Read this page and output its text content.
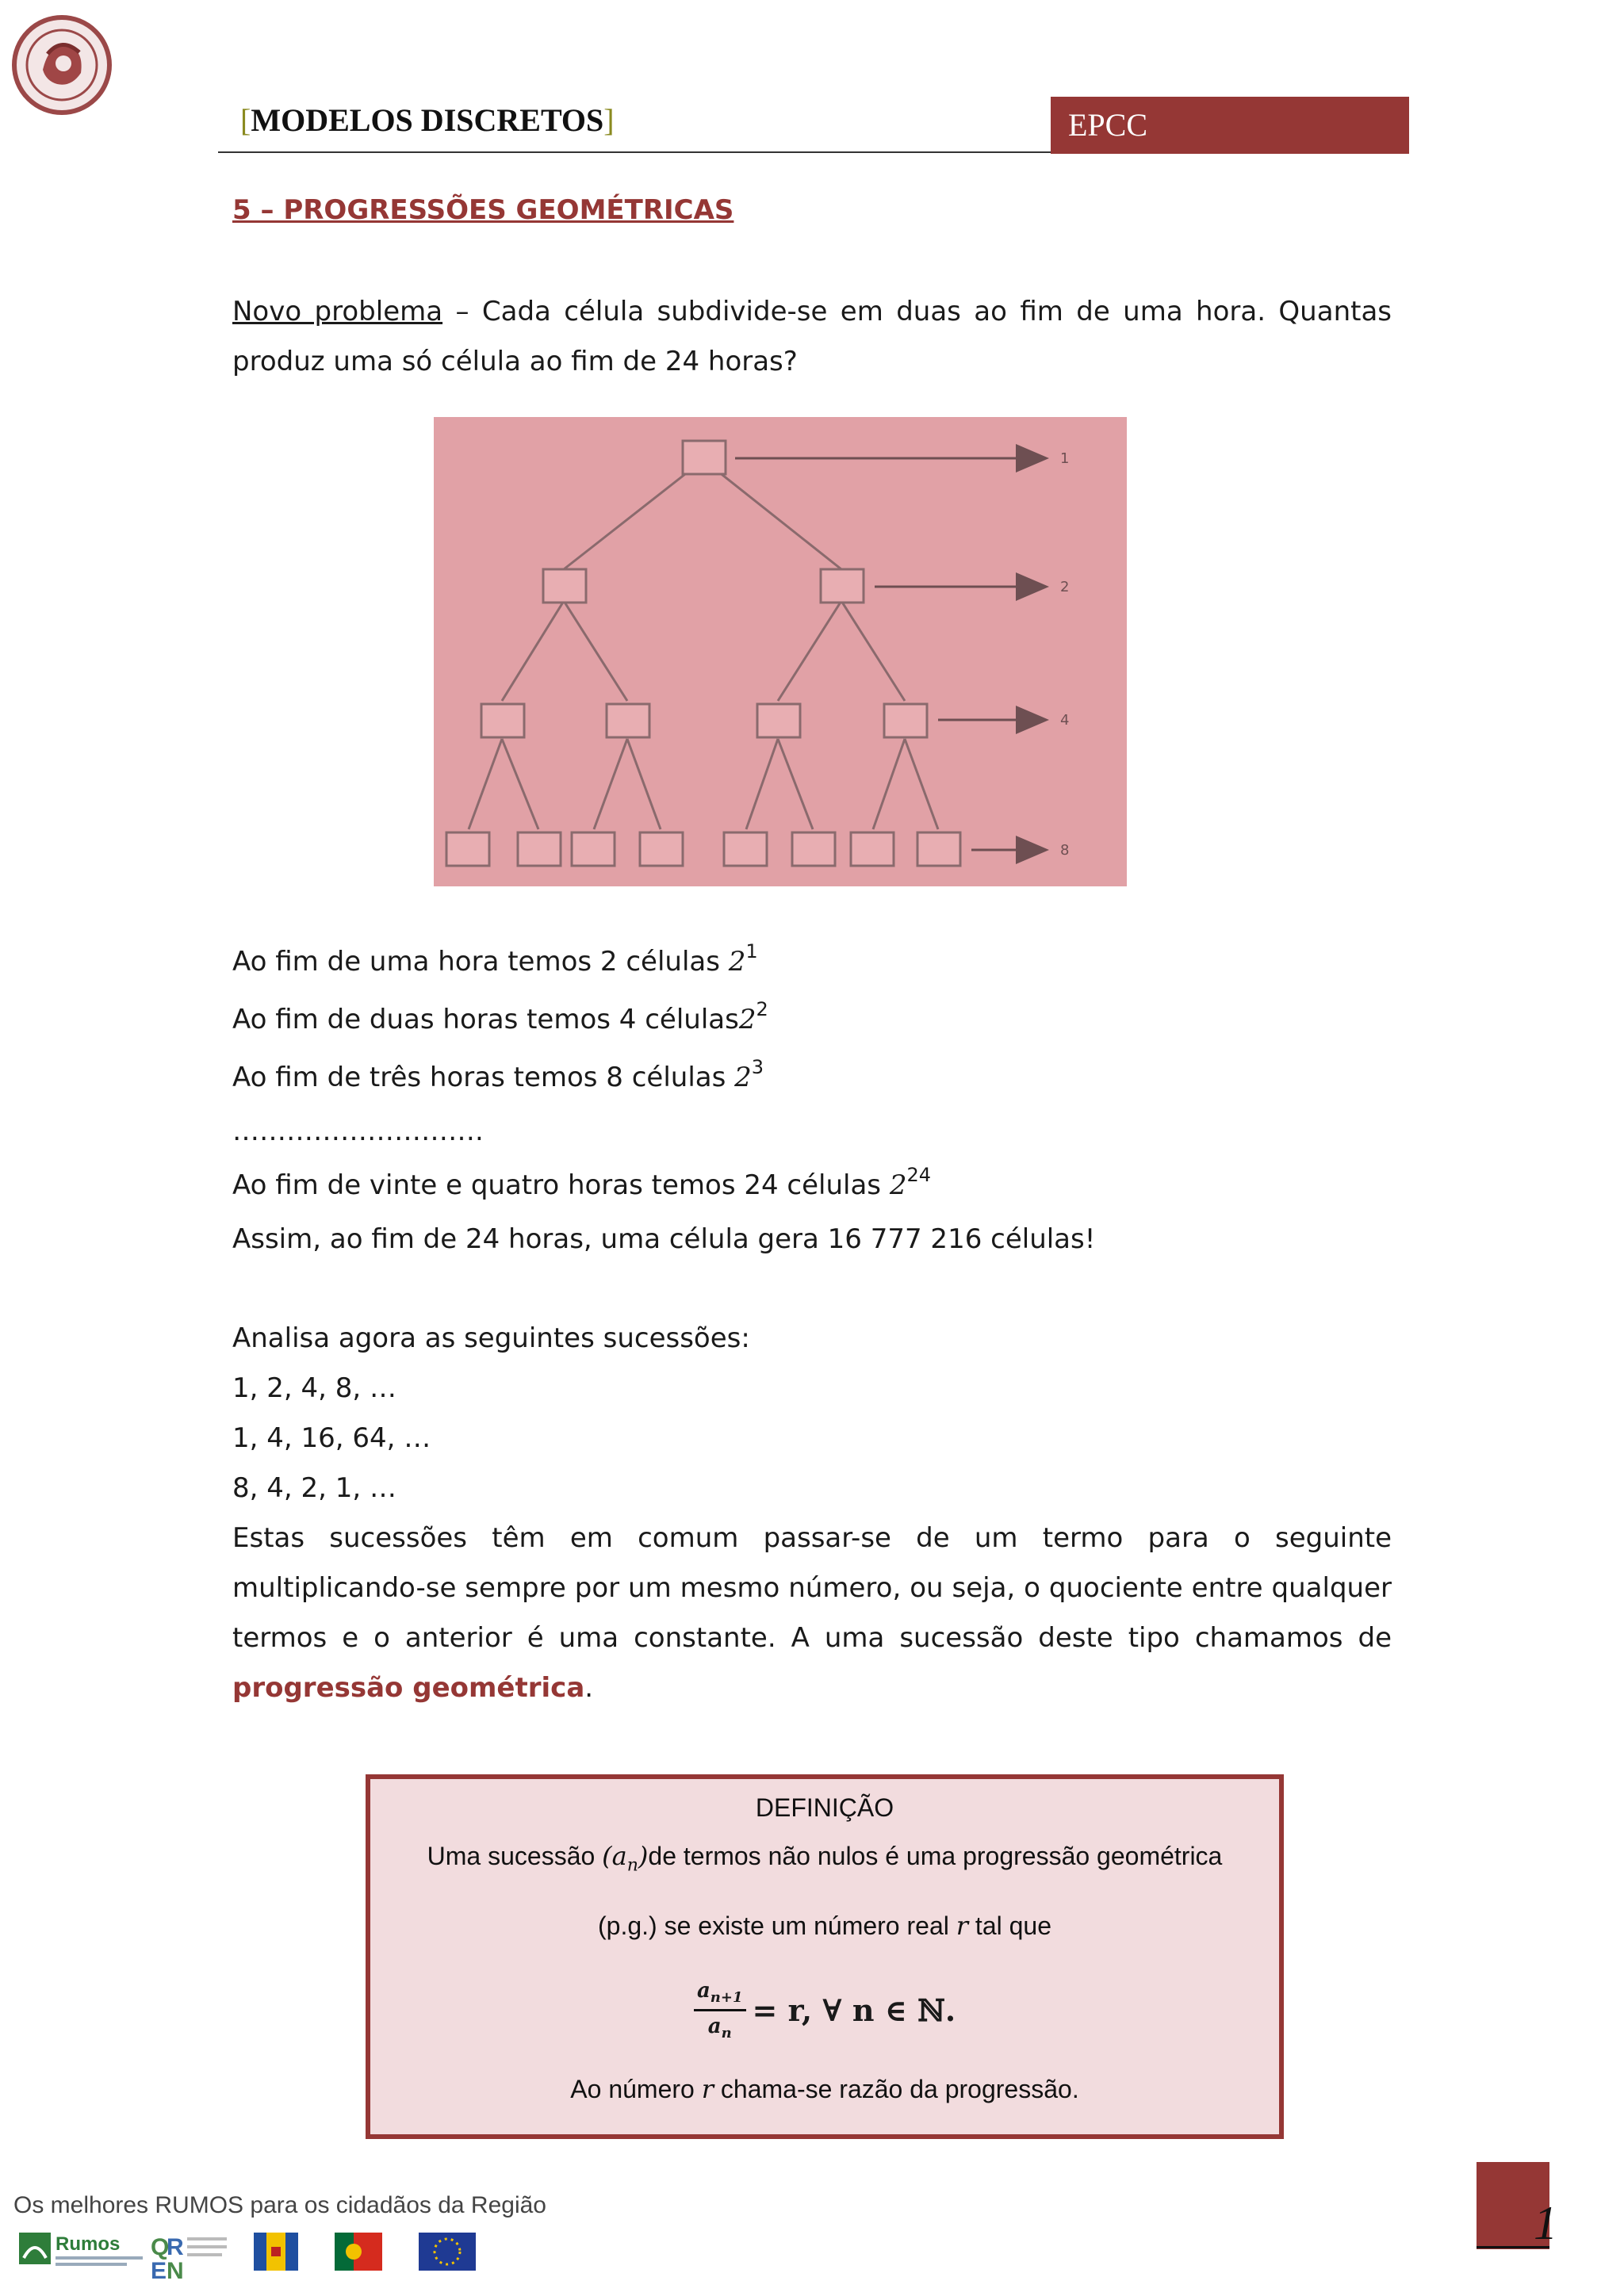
[MODELOS DISCRETOS]	EPCC
5 – PROGRESSÕES GEOMÉTRICAS
Novo problema – Cada célula subdivide-se em duas ao fim de uma hora. Quantas produz uma só célula ao fim de 24 horas?
1
2
4
8
Ao fim de uma hora temos 2 células $2^1$
Ao fim de duas horas temos 4 $células2^2$
Ao fim de três horas temos 8 células $2^3$
……………………….
Ao fim de vinte e quatro horas temos 24 células $2^{24}$
Assim, ao fim de 24 horas, uma célula gera 16 777 216 células!
Analisa agora as seguintes sucessões:
1, 2, 4, 8, …
1, 4, 16, 64, …
8, 4, 2, 1, …
Estas sucessões têm em comum passar-se de um termo para o seguinte multiplicando-se sempre por um mesmo número, ou seja, o quociente entre qualquer termos e o anterior é uma constante. A uma sucessão deste tipo chamamos de progressão geométrica.
DEFINIÇÃO
Uma sucessão $(a_n)de$ termos não nulos é uma progressão geométrica
(p.g.) se existe um número real r tal que
$\frac{a_{n+1}}{a_n} = r$, ∀ n ∈ ℕ.
Ao número r chama-se razão da progressão.
Os melhores RUMOS para os cidadãos da Região
Rumos Q
R
E N
1
